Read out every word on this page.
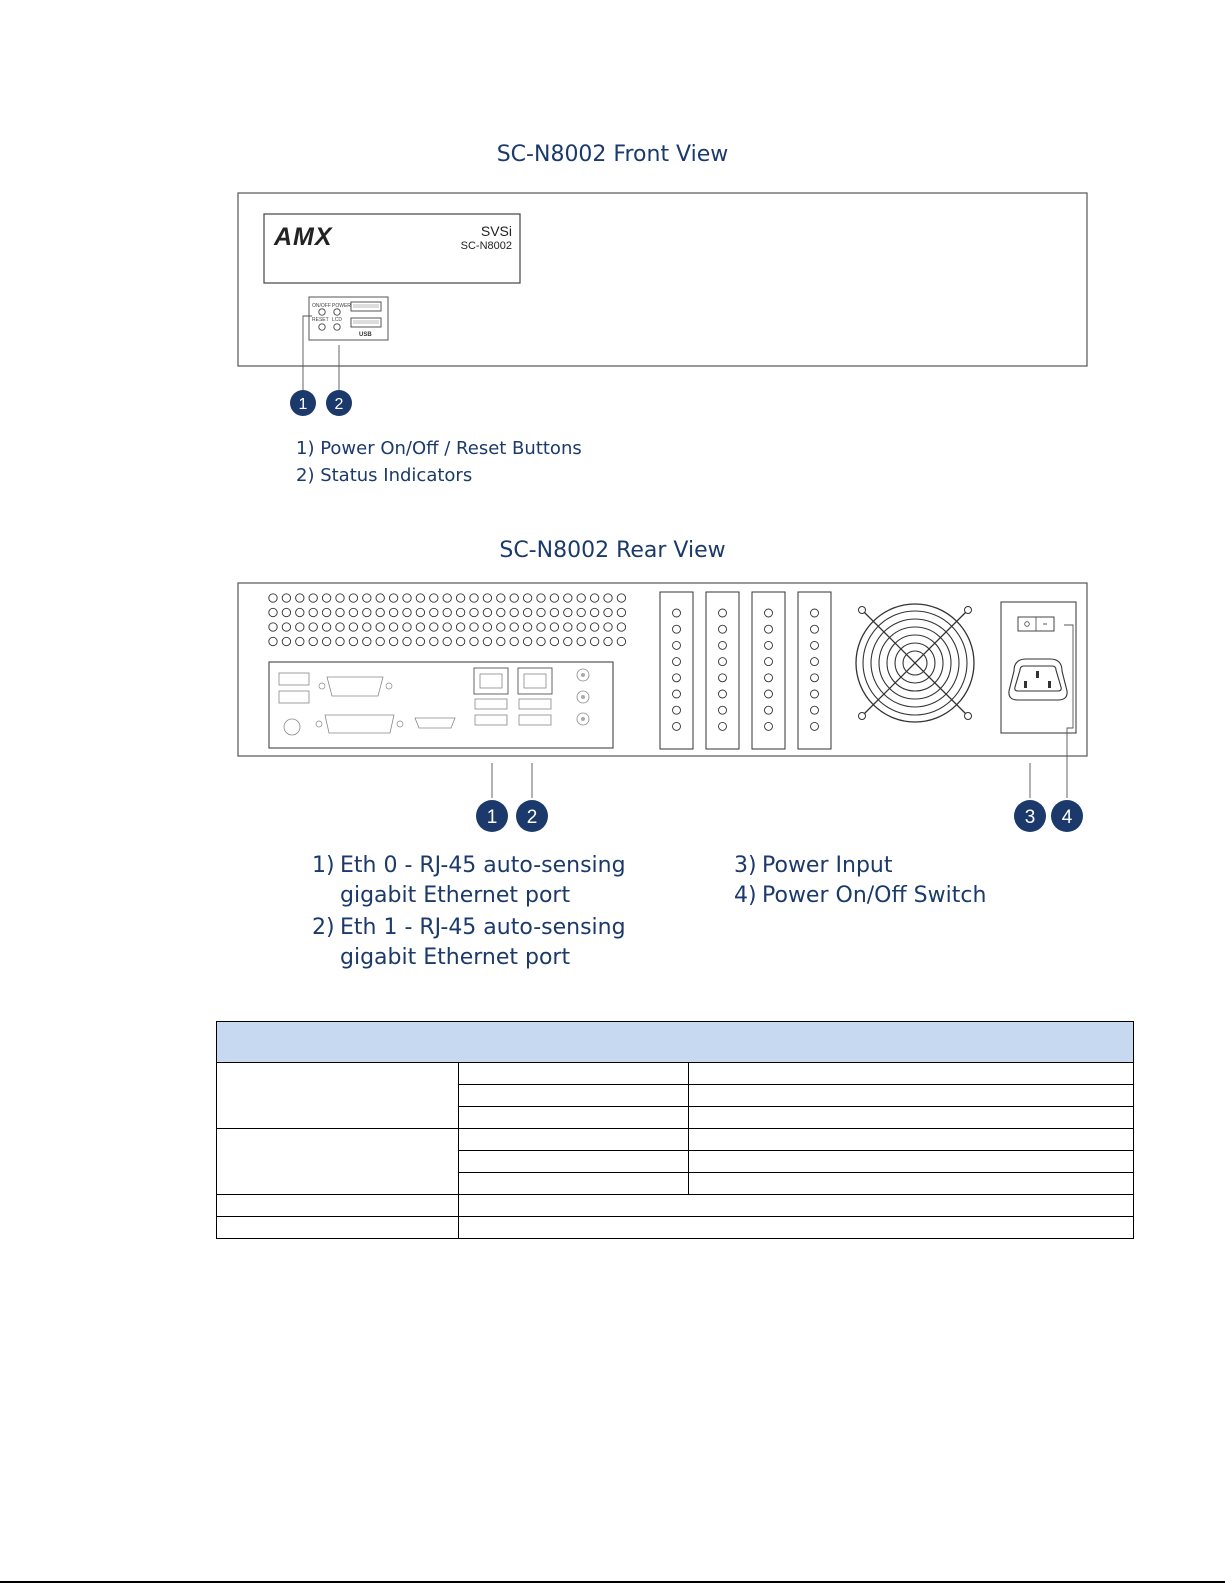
SC-N8002 Front View
AMX	SVSi
SC-N8002
ON/OFF POWER
RESET LCD
USB
1 2
1) Power On/Off / Reset Buttons
2) Status Indicators
SC-N8002 Rear View
1 2	3 4
1) Eth 0 - RJ-45 auto-sensing gigabit Ethernet port
2) Eth 1 - RJ-45 auto-sensing gigabit Ethernet port
3) Power Input
4) Power On/Off Switch
